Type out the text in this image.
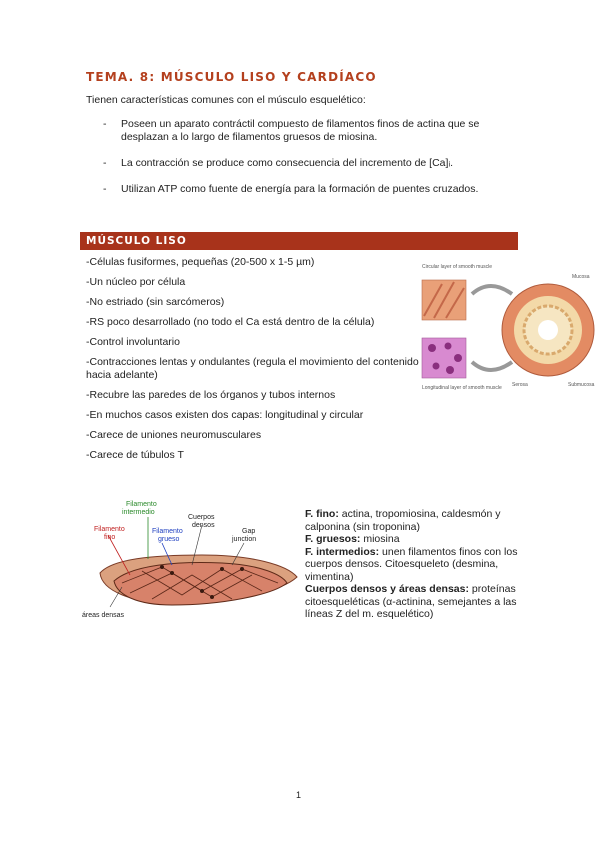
TEMA. 8: MÚSCULO LISO Y CARDÍACO
Tienen características comunes con el músculo esquelético:
- Poseen un aparato contráctil compuesto de filamentos finos de actina que se desplazan a lo largo de filamentos gruesos de miosina.
- La contracción se produce como consecuencia del incremento de [Ca]ᵢ.
- Utilizan ATP como fuente de energía para la formación de puentes cruzados.
MÚSCULO LISO
-Células fusiformes, pequeñas (20-500 x 1-5 µm)
-Un núcleo por célula
-No estriado (sin sarcómeros)
-RS poco desarrollado (no todo el Ca está dentro de la célula)
-Control involuntario
-Contracciones lentas y ondulantes (regula el movimiento del contenido hacia adelante)
-Recubre las paredes de los órganos y tubos internos
-En muchos casos existen dos capas: longitudinal y circular
-Carece de uniones neuromusculares
-Carece de túbulos T
Circular layer of smooth muscle
Longitudinal layer of smooth muscle
Mucosa
Submucosa
Serosa
Filamento intermedio
Cuerpos densos
Filamento fino
Filamento grueso
Gap junction
áreas densas
F. fino: actina, tropomiosina, caldesmón y calponina (sin troponina)
F. gruesos: miosina
F. intermedios: unen filamentos finos con los cuerpos densos. Citoesqueleto (desmina, vimentina)
Cuerpos densos y áreas densas: proteínas citoesqueléticas (α-actinina, semejantes a las líneas Z del m. esquelético)
1
